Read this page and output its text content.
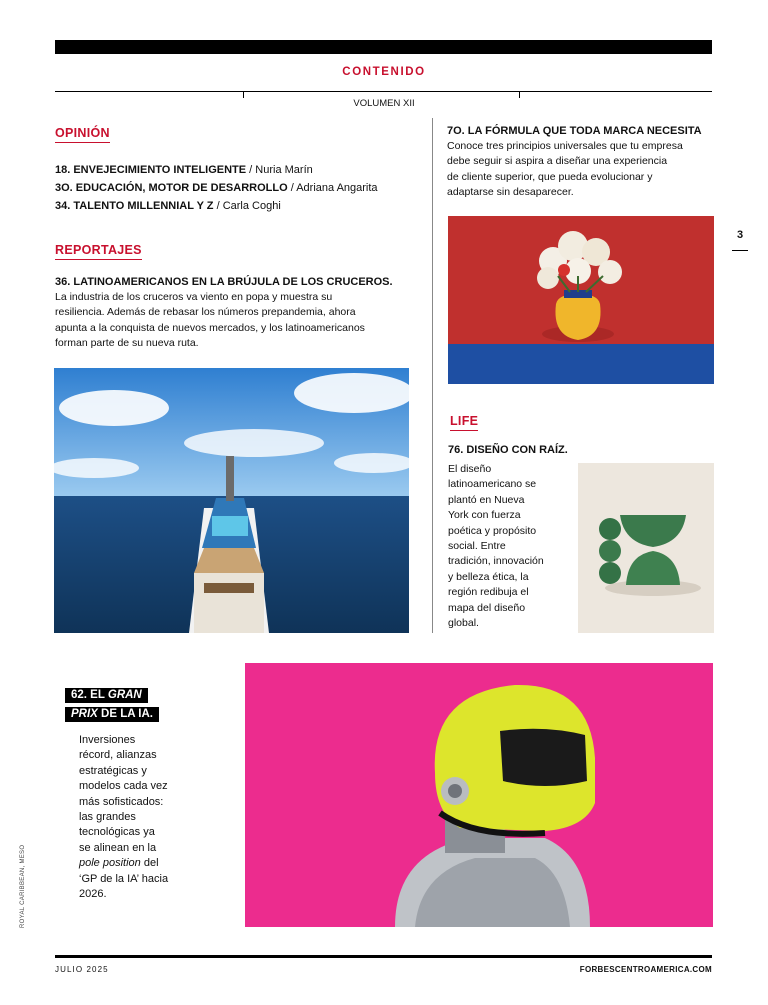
CONTENIDO
VOLUMEN XII
OPINIÓN
18. ENVEJECIMIENTO INTELIGENTE / Nuria Marín
3O. EDUCACIÓN, MOTOR DE DESARROLLO / Adriana Angarita
34. TALENTO MILLENNIAL Y Z / Carla Coghi
REPORTAJES
36. LATINOAMERICANOS EN LA BRÚJULA DE LOS CRUCEROS.
La industria de los cruceros va viento en popa y muestra su
resiliencia. Además de rebasar los números prepandemia, ahora
apunta a la conquista de nuevos mercados, y los latinoamericanos
forman parte de su nueva ruta.
7O. LA FÓRMULA QUE TODA MARCA NECESITA
Conoce tres principios universales que tu empresa
debe seguir si aspira a diseñar una experiencia
de cliente superior, que pueda evolucionar y
adaptarse sin desaparecer.
3
LIFE
76. DISEÑO CON RAÍZ.
El diseño
latinoamericano se
plantó en Nueva
York con fuerza
poética y propósito
social. Entre
tradición, innovación
y belleza ética, la
región redibuja el
mapa del diseño
global.
62. EL GRAN
PRIX DE LA IA.
Inversiones
récord, alianzas
estratégicas y
modelos cada vez
más sofisticados:
las grandes
tecnológicas ya
se alinean en la
pole position del
‘GP de la IA’ hacia
2026.
ROYAL CARIBBEAN, MESO
JULIO 2025	FORBESCENTROAMERICA.COM
